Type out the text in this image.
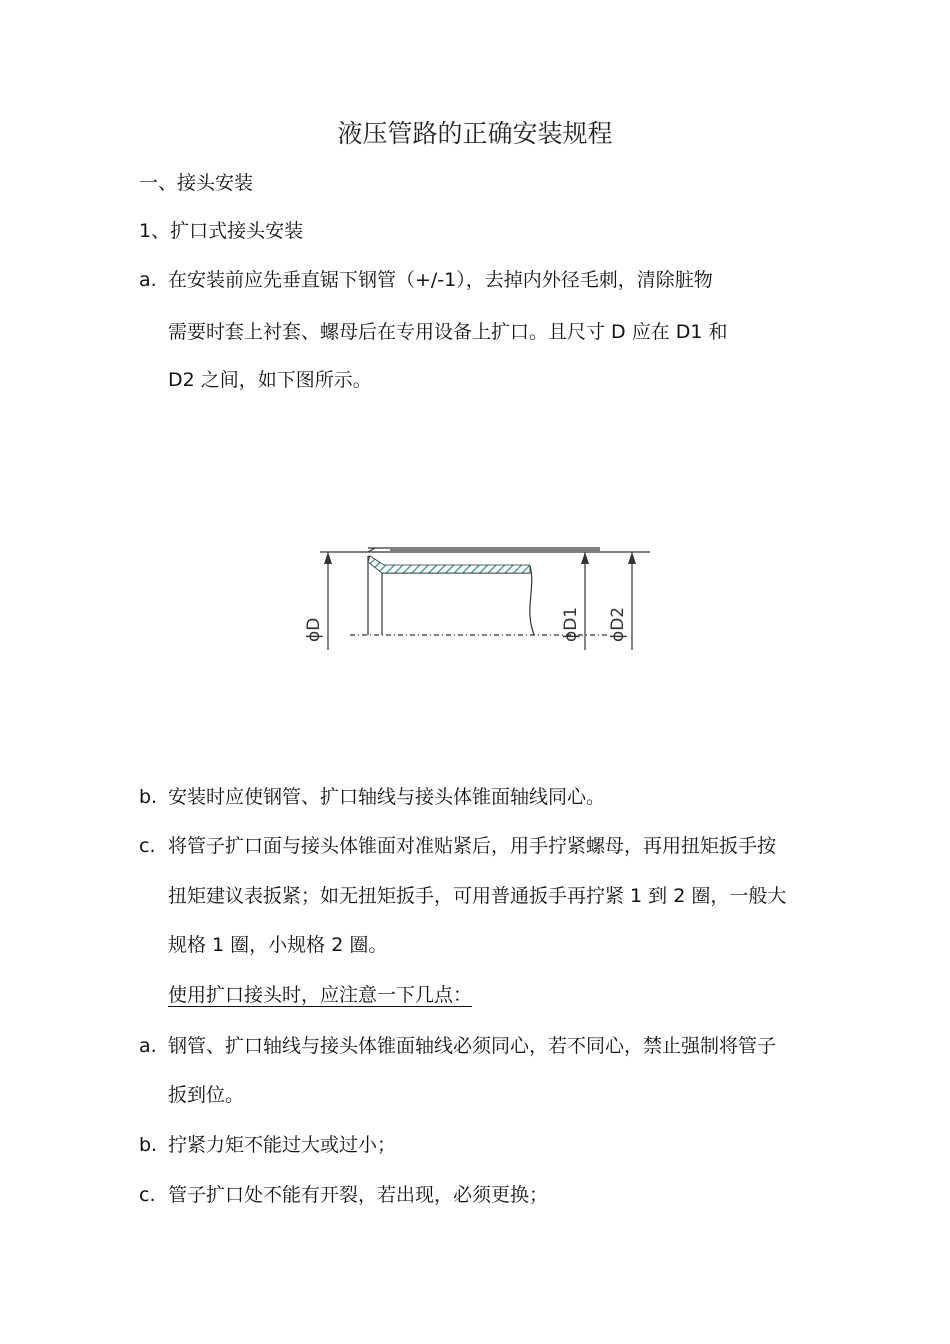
液压管路的正确安装规程
一、接头安装
1、扩口式接头安装
a. 在安装前应先垂直锯下钢管（+/-1），去掉内外径毛刺，清除脏物
需要时套上衬套、螺母后在专用设备上扩口。且尺寸 D 应在 D1 和
D2 之间，如下图所示。
ϕD	ϕD1 ϕD2
b. 安装时应使钢管、扩口轴线与接头体锥面轴线同心。
c. 将管子扩口面与接头体锥面对准贴紧后，用手拧紧螺母，再用扭矩扳手按
扭矩建议表扳紧；如无扭矩扳手，可用普通扳手再拧紧 1 到 2 圈，一般大
规格 1 圈，小规格 2 圈。
使用扩口接头时，应注意一下几点：
a. 钢管、扩口轴线与接头体锥面轴线必须同心，若不同心，禁止强制将管子
扳到位。
b. 拧紧力矩不能过大或过小；
c. 管子扩口处不能有开裂，若出现，必须更换；
